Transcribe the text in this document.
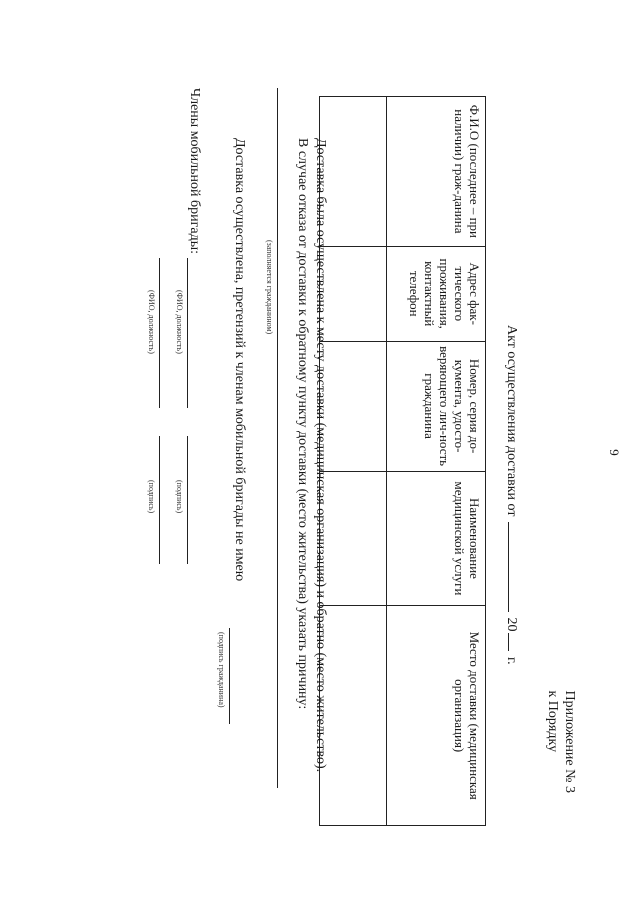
9
Приложение № 3
к Порядку
Акт осуществления доставки от  20 г.
Ф.И.О (последнее – при наличии) граж-данина	Адрес фак-тического проживания, контактный телефон	Номер, серия до-кумента, удосто-веряющего лич-ность гражданина	Наименование медицинской услуги	Место доставки (медицинская организация)

Доставка была осуществлена к месту доставки (медицинская организация) и обратно (место жительство).
В случае отказа от доставки к обратному пункту доставки (место жительства) указать причину:
(заполняется гражданином)
Доставка осуществлена, претензий к членам мобильной бригады не имею
(подпись гражданина)
Члены мобильной бригады:
(ФИО, должность)
(подпись)
(ФИО, должность)
(подпись)
